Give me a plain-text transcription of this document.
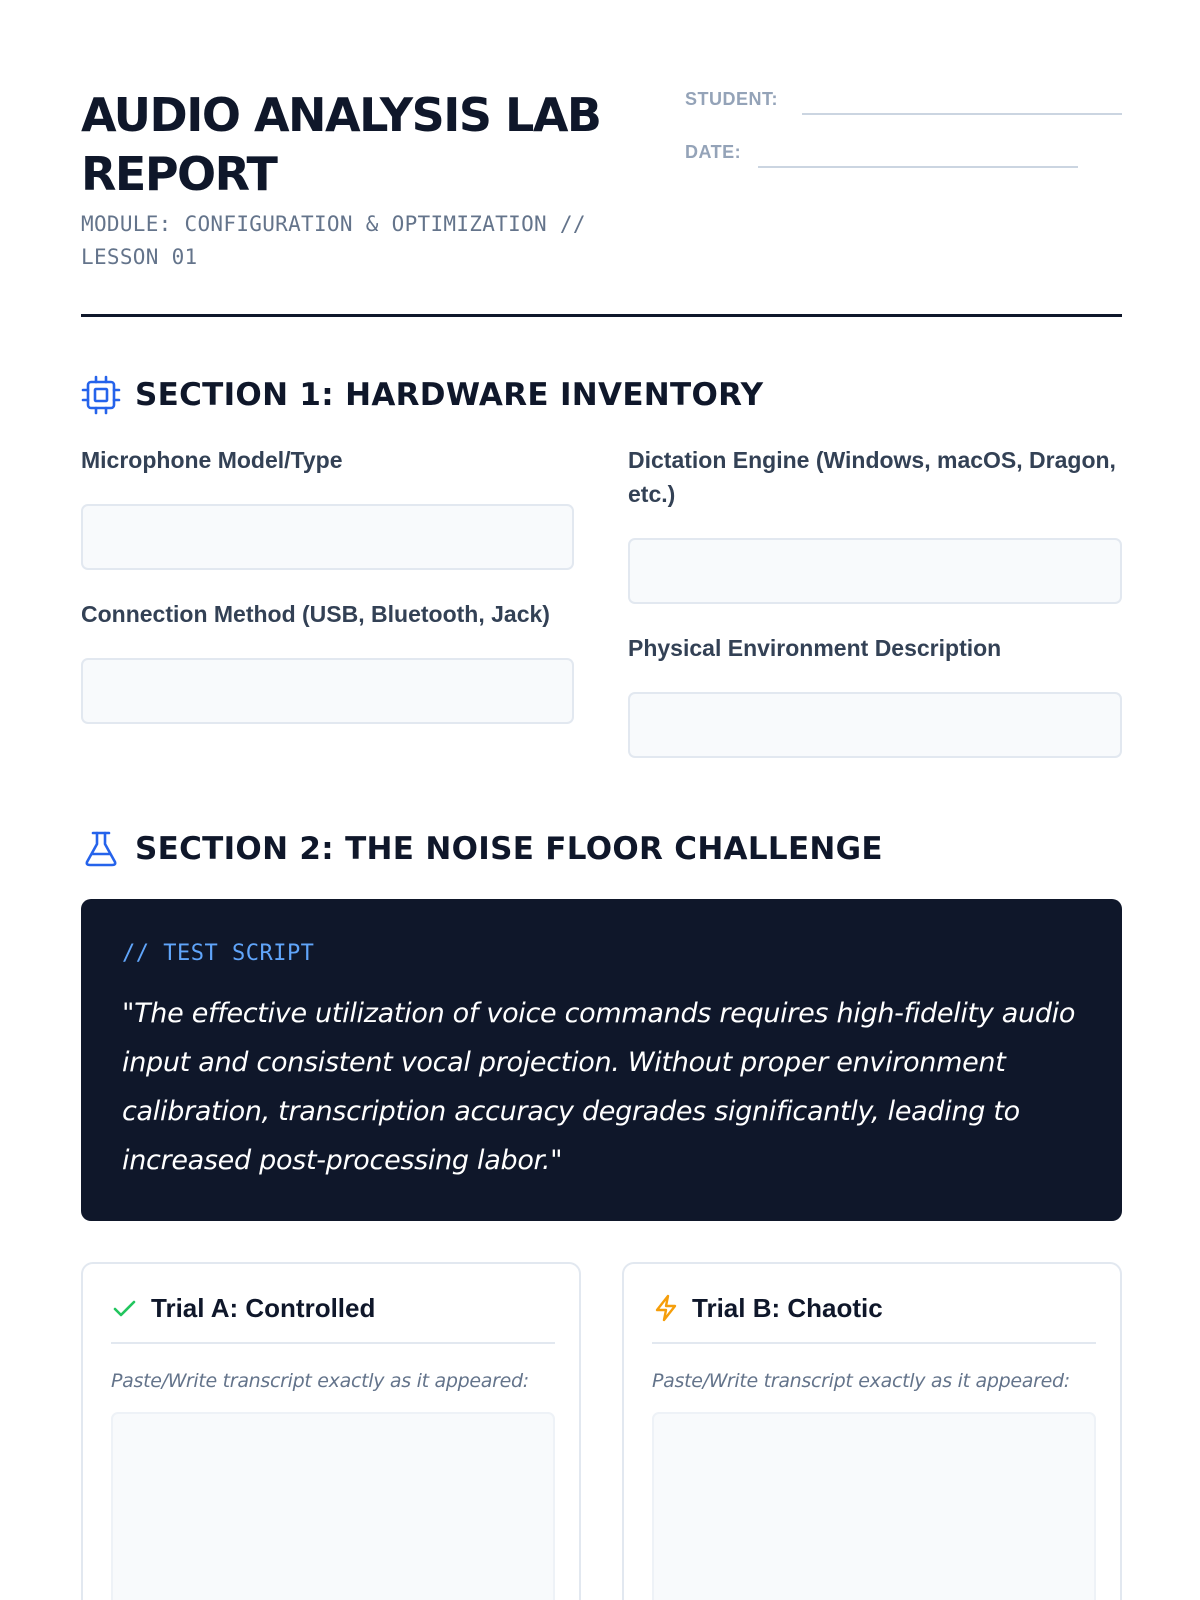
AUDIO ANALYSIS LAB REPORT
MODULE: CONFIGURATION & OPTIMIZATION // LESSON 01
STUDENT:
DATE:
SECTION 1: HARDWARE INVENTORY
Microphone Model/Type	Dictation Engine (Windows, macOS, Dragon, etc.)
Connection Method (USB, Bluetooth, Jack)
Physical Environment Description
SECTION 2: THE NOISE FLOOR CHALLENGE
// TEST SCRIPT
"The effective utilization of voice commands requires high-fidelity audio input and consistent vocal projection. Without proper environment calibration, transcription accuracy degrades significantly, leading to increased post-processing labor."
Trial A: Controlled
Paste/Write transcript exactly as it appeared:
Trial B: Chaotic
Paste/Write transcript exactly as it appeared:
